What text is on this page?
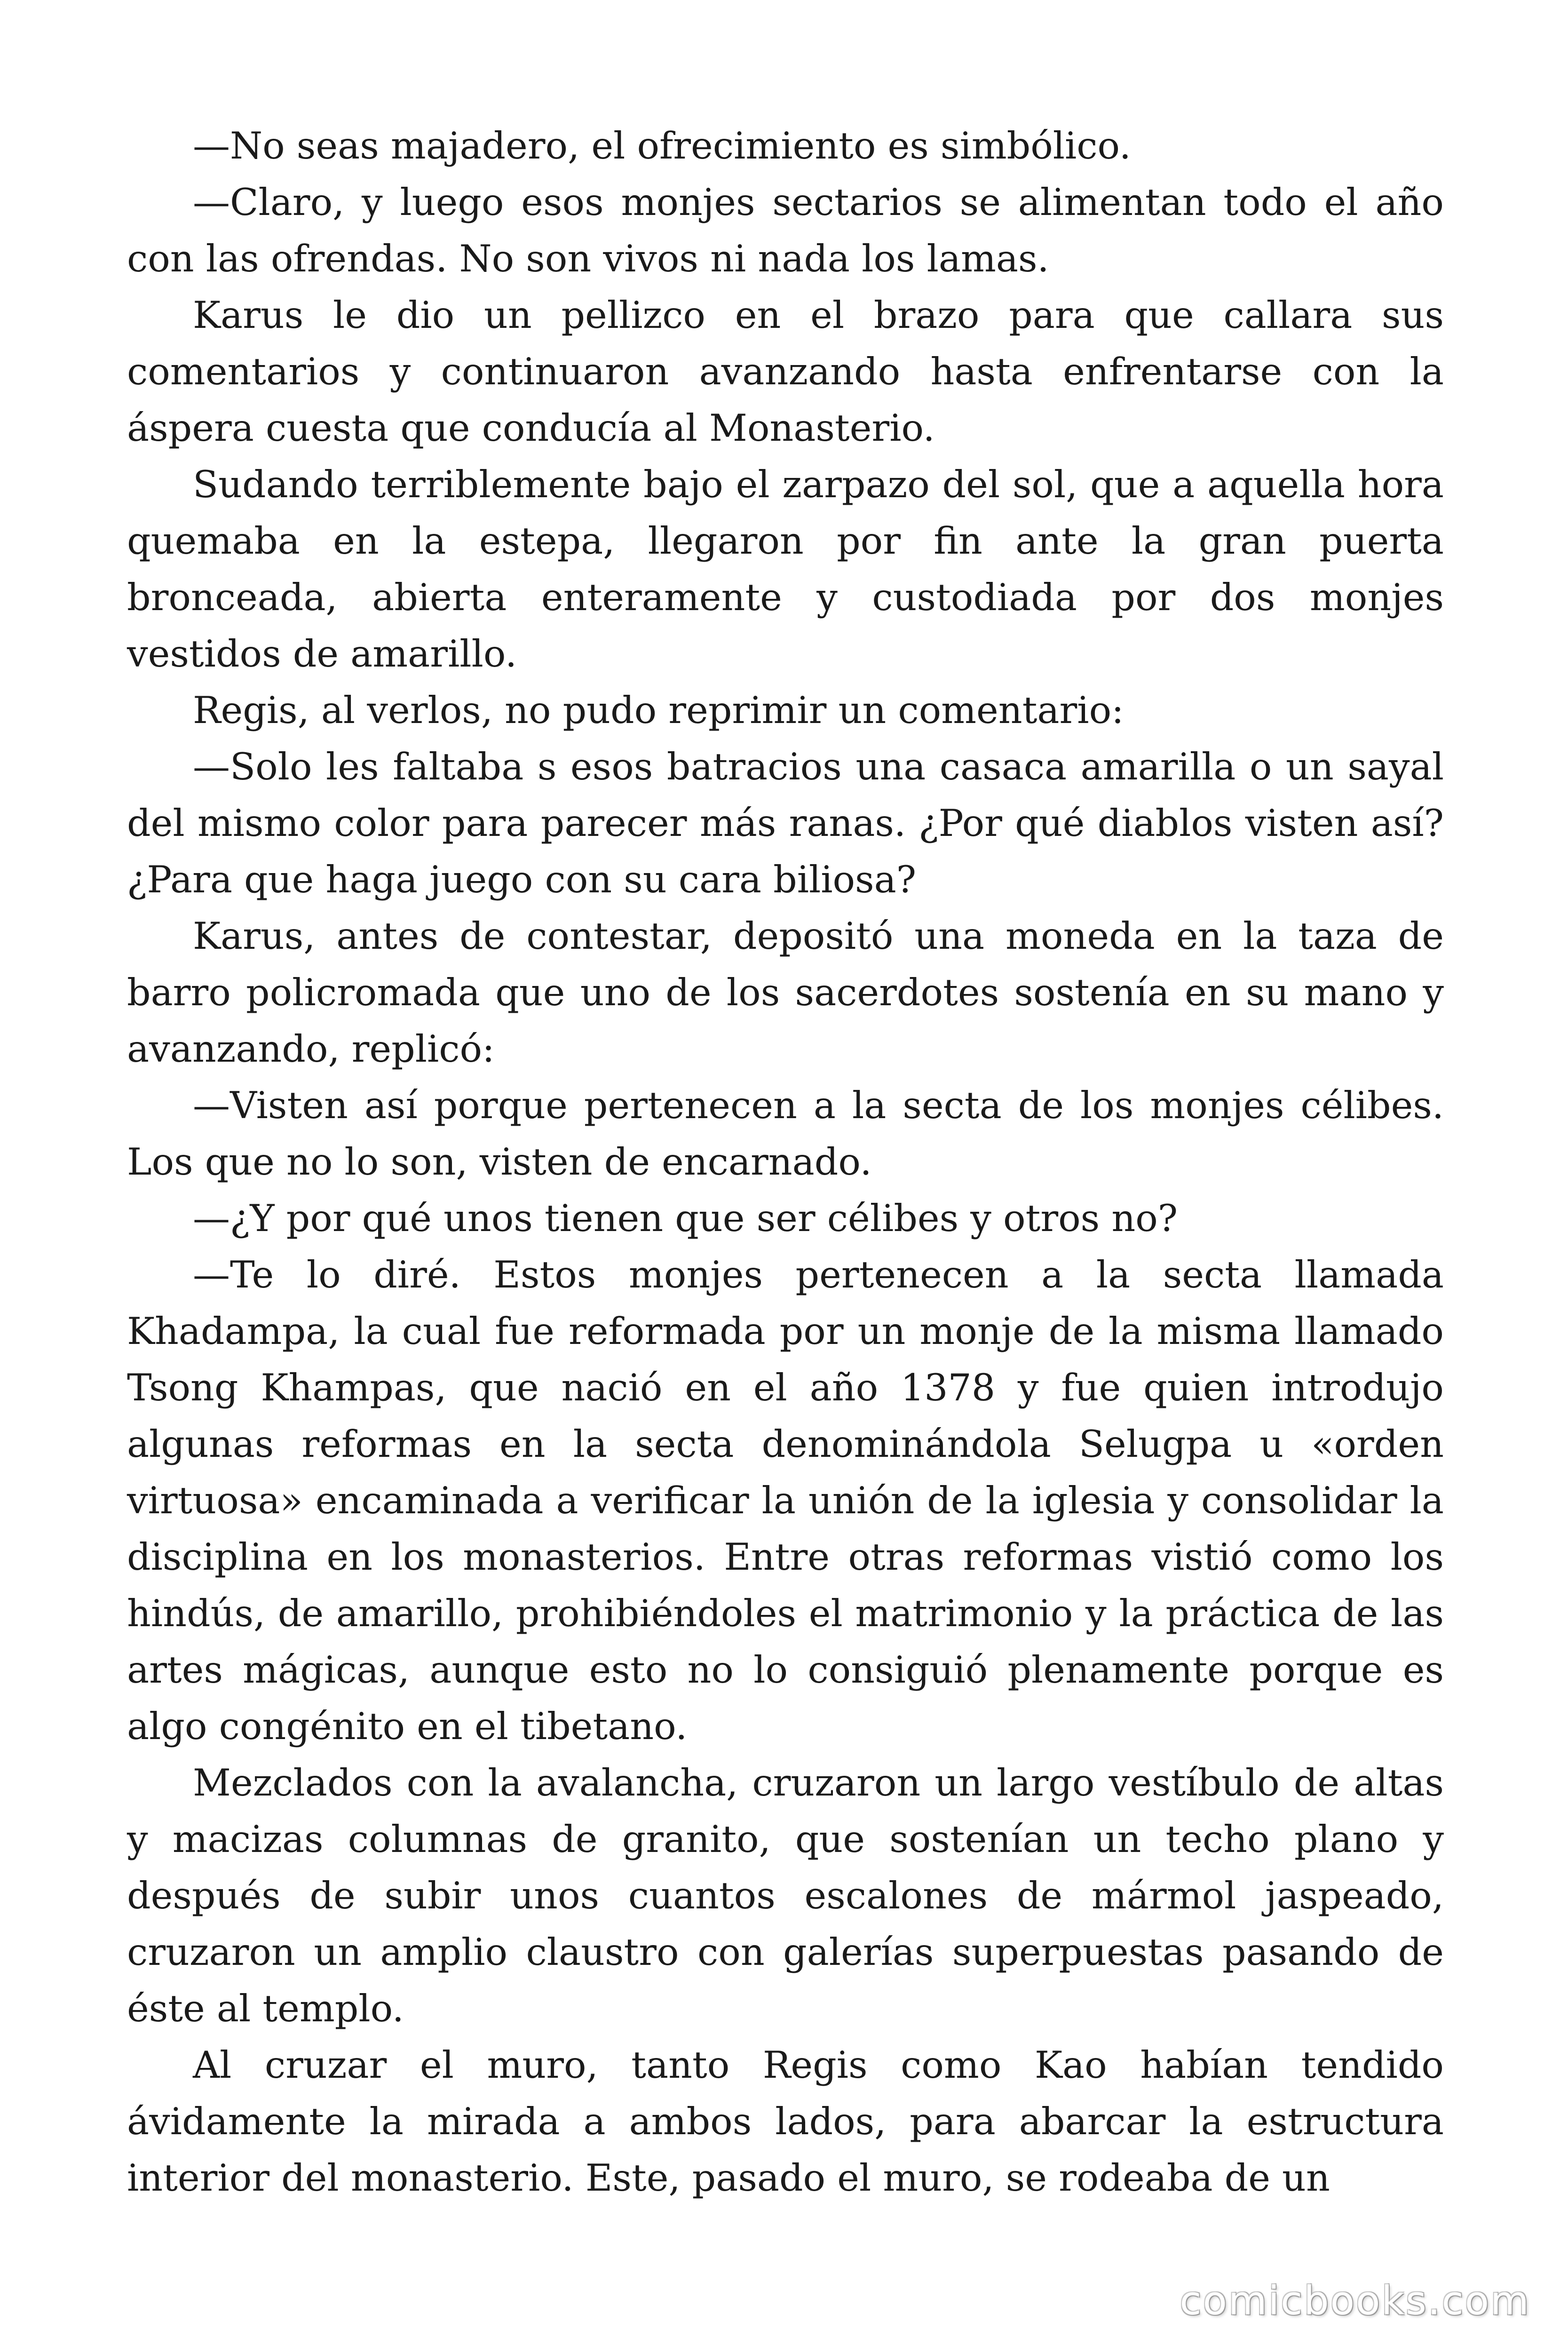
—No seas majadero, el ofrecimiento es simbólico.

—Claro, y luego esos monjes sectarios se alimentan todo el año con las ofrendas. No son vivos ni nada los lamas.

Karus le dio un pellizco en el brazo para que callara sus comentarios y continuaron avanzando hasta enfrentarse con la áspera cuesta que conducía al Monasterio.

Sudando terriblemente bajo el zarpazo del sol, que a aquella hora quemaba en la estepa, llegaron por fin ante la gran puerta bronceada, abierta enteramente y custodiada por dos monjes vestidos de amarillo.

Regis, al verlos, no pudo reprimir un comentario:

—Solo les faltaba s esos batracios una casaca amarilla o un sayal del mismo color para parecer más ranas. ¿Por qué diablos visten así? ¿Para que haga juego con su cara biliosa?

Karus, antes de contestar, depositó una moneda en la taza de barro policromada que uno de los sacerdotes sostenía en su mano y avanzando, replicó:

—Visten así porque pertenecen a la secta de los monjes célibes. Los que no lo son, visten de encarnado.

—¿Y por qué unos tienen que ser célibes y otros no?

—Te lo diré. Estos monjes pertenecen a la secta llamada Khadampa, la cual fue reformada por un monje de la misma llamado Tsong Khampas, que nació en el año 1378 y fue quien introdujo algunas reformas en la secta denominándola Selugpa u «orden virtuosa» encaminada a verificar la unión de la iglesia y consolidar la disciplina en los monasterios. Entre otras reformas vistió como los hindús, de amarillo, prohibiéndoles el matrimonio y la práctica de las artes mágicas, aunque esto no lo consiguió plenamente porque es algo congénito en el tibetano.

Mezclados con la avalancha, cruzaron un largo vestíbulo de altas y macizas columnas de granito, que sostenían un techo plano y después de subir unos cuantos escalones de mármol jaspeado, cruzaron un amplio claustro con galerías superpuestas pasando de éste al templo.

Al cruzar el muro, tanto Regis como Kao habían tendido ávidamente la mirada a ambos lados, para abarcar la estructura interior del monasterio. Este, pasado el muro, se rodeaba de un

comicbooks.com
